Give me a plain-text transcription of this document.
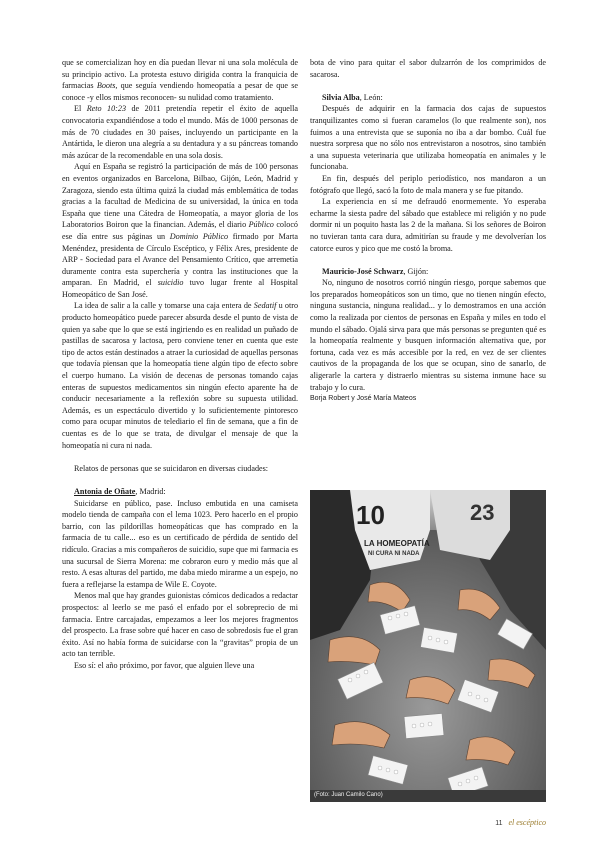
que se comercializan hoy en día puedan llevar ni una sola molécula de su principio activo. La protesta estuvo dirigida contra la franquicia de farmacias Boots, que seguía vendiendo homeopatía a pesar de que se conoce -y ellos mismos reconocen- su nulidad como tratamiento.

El Reto 10:23 de 2011 pretendía repetir el éxito de aquella convocatoria expandiéndose a todo el mundo. Más de 1000 personas de más de 70 ciudades en 30 países, incluyendo un participante en la Antártida, le dieron una alegría a su dentadura y a su páncreas tomando más azúcar de la recomendable en una sola dosis.

Aquí en España se registró la participación de más de 100 personas en eventos organizados en Barcelona, Bilbao, Gijón, León, Madrid y Zaragoza, siendo esta última quizá la ciudad más emblemática de todas gracias a la facultad de Medicina de su universidad, la única en toda España que tiene una Cátedra de Homeopatía, a mayor gloria de los Laboratorios Boiron que la financian. Además, el diario Público colocó ese día entre sus páginas un Dominio Público firmado por Marta Menéndez, presidenta de Círculo Escéptico, y Félix Ares, presidente de ARP - Sociedad para el Avance del Pensamiento Crítico, que arremetía duramente contra esta superchería y contra las instituciones que la amparan. En Madrid, el suicidio tuvo lugar frente al Hospital Homeopático de San José.

La idea de salir a la calle y tomarse una caja entera de Sedatif u otro producto homeopático puede parecer absurda desde el punto de vista de quien ya sabe que lo que se está ingiriendo es en realidad un puñado de pastillas de sacarosa y lactosa, pero conviene tener en cuenta que este tipo de actos están destinados a atraer la curiosidad de aquellas personas que todavía piensan que la homeopatía tiene algún tipo de efecto sobre el cuerpo humano. La visión de decenas de personas tomando cajas enteras de supuestos medicamentos sin ningún efecto aparente ha de conducir necesariamente a la reflexión sobre su supuesta utilidad. Además, es un espectáculo divertido y lo suficientemente pintoresco como para ocupar minutos de telediario el fin de semana, que a fin de cuentas es de lo que se trata, de divulgar el mensaje de que la homeopatía ni cura ni nada.

Relatos de personas que se suicidaron en diversas ciudades:

Antonia de Oñate, Madrid:

Suicidarse en público, pase. Incluso embutida en una camiseta modelo tienda de campaña con el lema 1023. Pero hacerlo en el propio barrio, con las pildorillas homeopáticas que has comprado en la farmacia de tu calle... eso es un certificado de pérdida de sentido del ridículo. Gracias a mis compañeros de suicidio, supe que mi farmacia es una sucursal de Sierra Morena: me cobraron euro y medio más que al resto. A esas alturas del partido, me daba miedo mirarme a un espejo, no fuera a reflejarse la estampa de Wile E. Coyote.

Menos mal que hay grandes guionistas cómicos dedicados a redactar prospectos: al leerlo se me pasó el enfado por el sobreprecio de mi farmacia. Entre carcajadas, empezamos a leer los mejores fragmentos del prospecto. La frase sobre qué hacer en caso de sobredosis fue el gran éxito. Así no había forma de suicidarse con la “gravitas” propia de un acto tan terrible.

Eso sí: el año próximo, por favor, que alguien lleve una

bota de vino para quitar el sabor dulzarrón de los comprimidos de sacarosa.

Silvia Alba, León:

Después de adquirir en la farmacia dos cajas de supuestos tranquilizantes como si fueran caramelos (lo que realmente son), nos fuimos a una entrevista que se suponía no iba a dar bombo. Cuál fue nuestra sorpresa que no sólo nos entrevistaron a nosotros, sino también a una supuesta veterinaria que utilizaba homeopatía en animales y le funcionaba.

En fin, después del periplo periodístico, nos mandaron a un fotógrafo que llegó, sacó la foto de mala manera y se fue pitando.

La experiencia en sí me defraudó enormemente. Yo esperaba echarme la siesta padre del sábado que establece mi religión y no pude dormir ni un poquito hasta las 2 de la mañana. Si los señores de Boiron no tuvieran tanta cara dura, admitirían su fraude y me devolverían los catorce euros y pico que me costó la broma.

Mauricio-José Schwarz, Gijón:

No, ninguno de nosotros corrió ningún riesgo, porque sabemos que los preparados homeopáticos son un timo, que no tienen ningún efecto, ninguna sustancia, ninguna realidad... y lo demostramos en una acción como la realizada por cientos de personas en España y miles en todo el mundo el sábado. Ojalá sirva para que más personas se pregunten qué es la homeopatía realmente y busquen información alternativa que, por fortuna, cada vez es más accesible por la red, en vez de ser clientes cautivos de la propaganda de los que se ocupan, sino de sanarlo, de aligerarle la cartera y distraerlo mientras su sistema inmune hace su trabajo y lo cura.

Borja Robert y José María Mateos

10
LA HOMEOPATÍA
NI CURA NI NADA
23
(Foto: Juan Camilo Cano)
11 el escéptico
